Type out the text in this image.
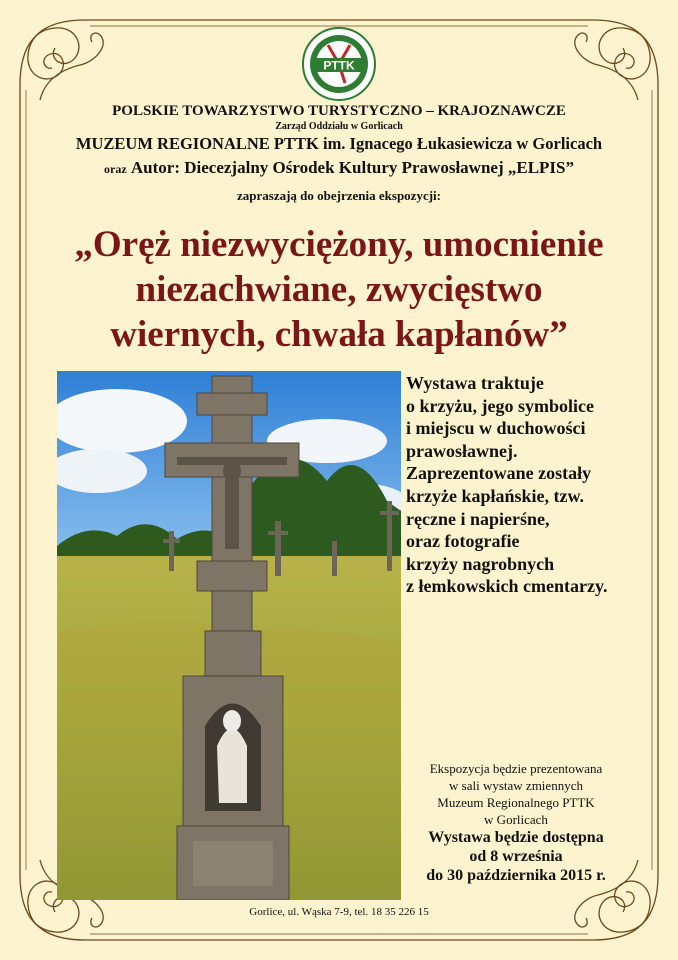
PTTK
POLSKIE TOWARZYSTWO TURYSTYCZNO – KRAJOZNAWCZE
Zarząd Oddziału w Gorlicach
MUZEUM REGIONALNE PTTK im. Ignacego Łukasiewicza w Gorlicach
oraz Autor: Diecezjalny Ośrodek Kultury Prawosławnej „ELPIS”
zapraszają do obejrzenia ekspozycji:
„Oręż niezwyciężony, umocnienie
niezachwiane, zwycięstwo
wiernych, chwała kapłanów”
Wystawa traktuje
o krzyżu, jego symbolice
i miejscu w duchowości
prawosławnej.
Zaprezentowane zostały
krzyże kapłańskie, tzw.
ręczne i napierśne,
oraz fotografie
krzyży nagrobnych
z łemkowskich cmentarzy.
Ekspozycja będzie prezentowana
w sali wystaw zmiennych
Muzeum Regionalnego PTTK
w Gorlicach
Wystawa będzie dostępna
od 8 września
do 30 października 2015 r.
Gorlice, ul. Wąska 7-9, tel. 18 35 226 15
